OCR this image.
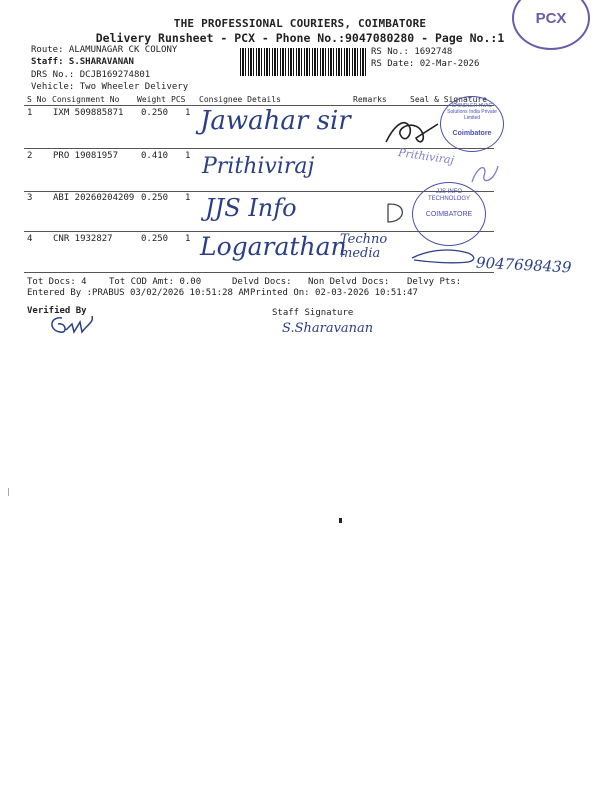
PCX
THE PROFESSIONAL COURIERS, COIMBATORE
Delivery Runsheet - PCX - Phone No.:9047080280 - Page No.:1
Route: ALAMUNAGAR CK COLONY
Staff: S.SHARAVANAN
DRS No.: DCJB169274801
Vehicle: Two Wheeler Delivery
RS No.: 1692748
RS Date: 02-Mar-2026
S No Consignment No Weight PCS Consignee Details	Remarks	Seal & Signature
1 IXM 509885871 0.250 1 Jawahar sir
2 PRO 19081957	0.410 1 Prithiviraj
3 ABI 20260204209 0.250 1 JJS Info
4 CNR 1932827	0.250 1 Logarathan
Techno media
9047698439
SHINDLER HVAC Solutions India Private Limited
Coimbatore
Prithiviraj
JJS INFO TECHNOLOGY
COIMBATORE
Tot Docs: 4 Tot COD Amt: 0.00	Delvd Docs: Non Delvd Docs: Delvy Pts:
Entered By :PRABUS 03/02/2026 10:51:28 AM Printed On: 02-03-2026 10:51:47
Verified By	Staff Signature
S.Sharavanan
